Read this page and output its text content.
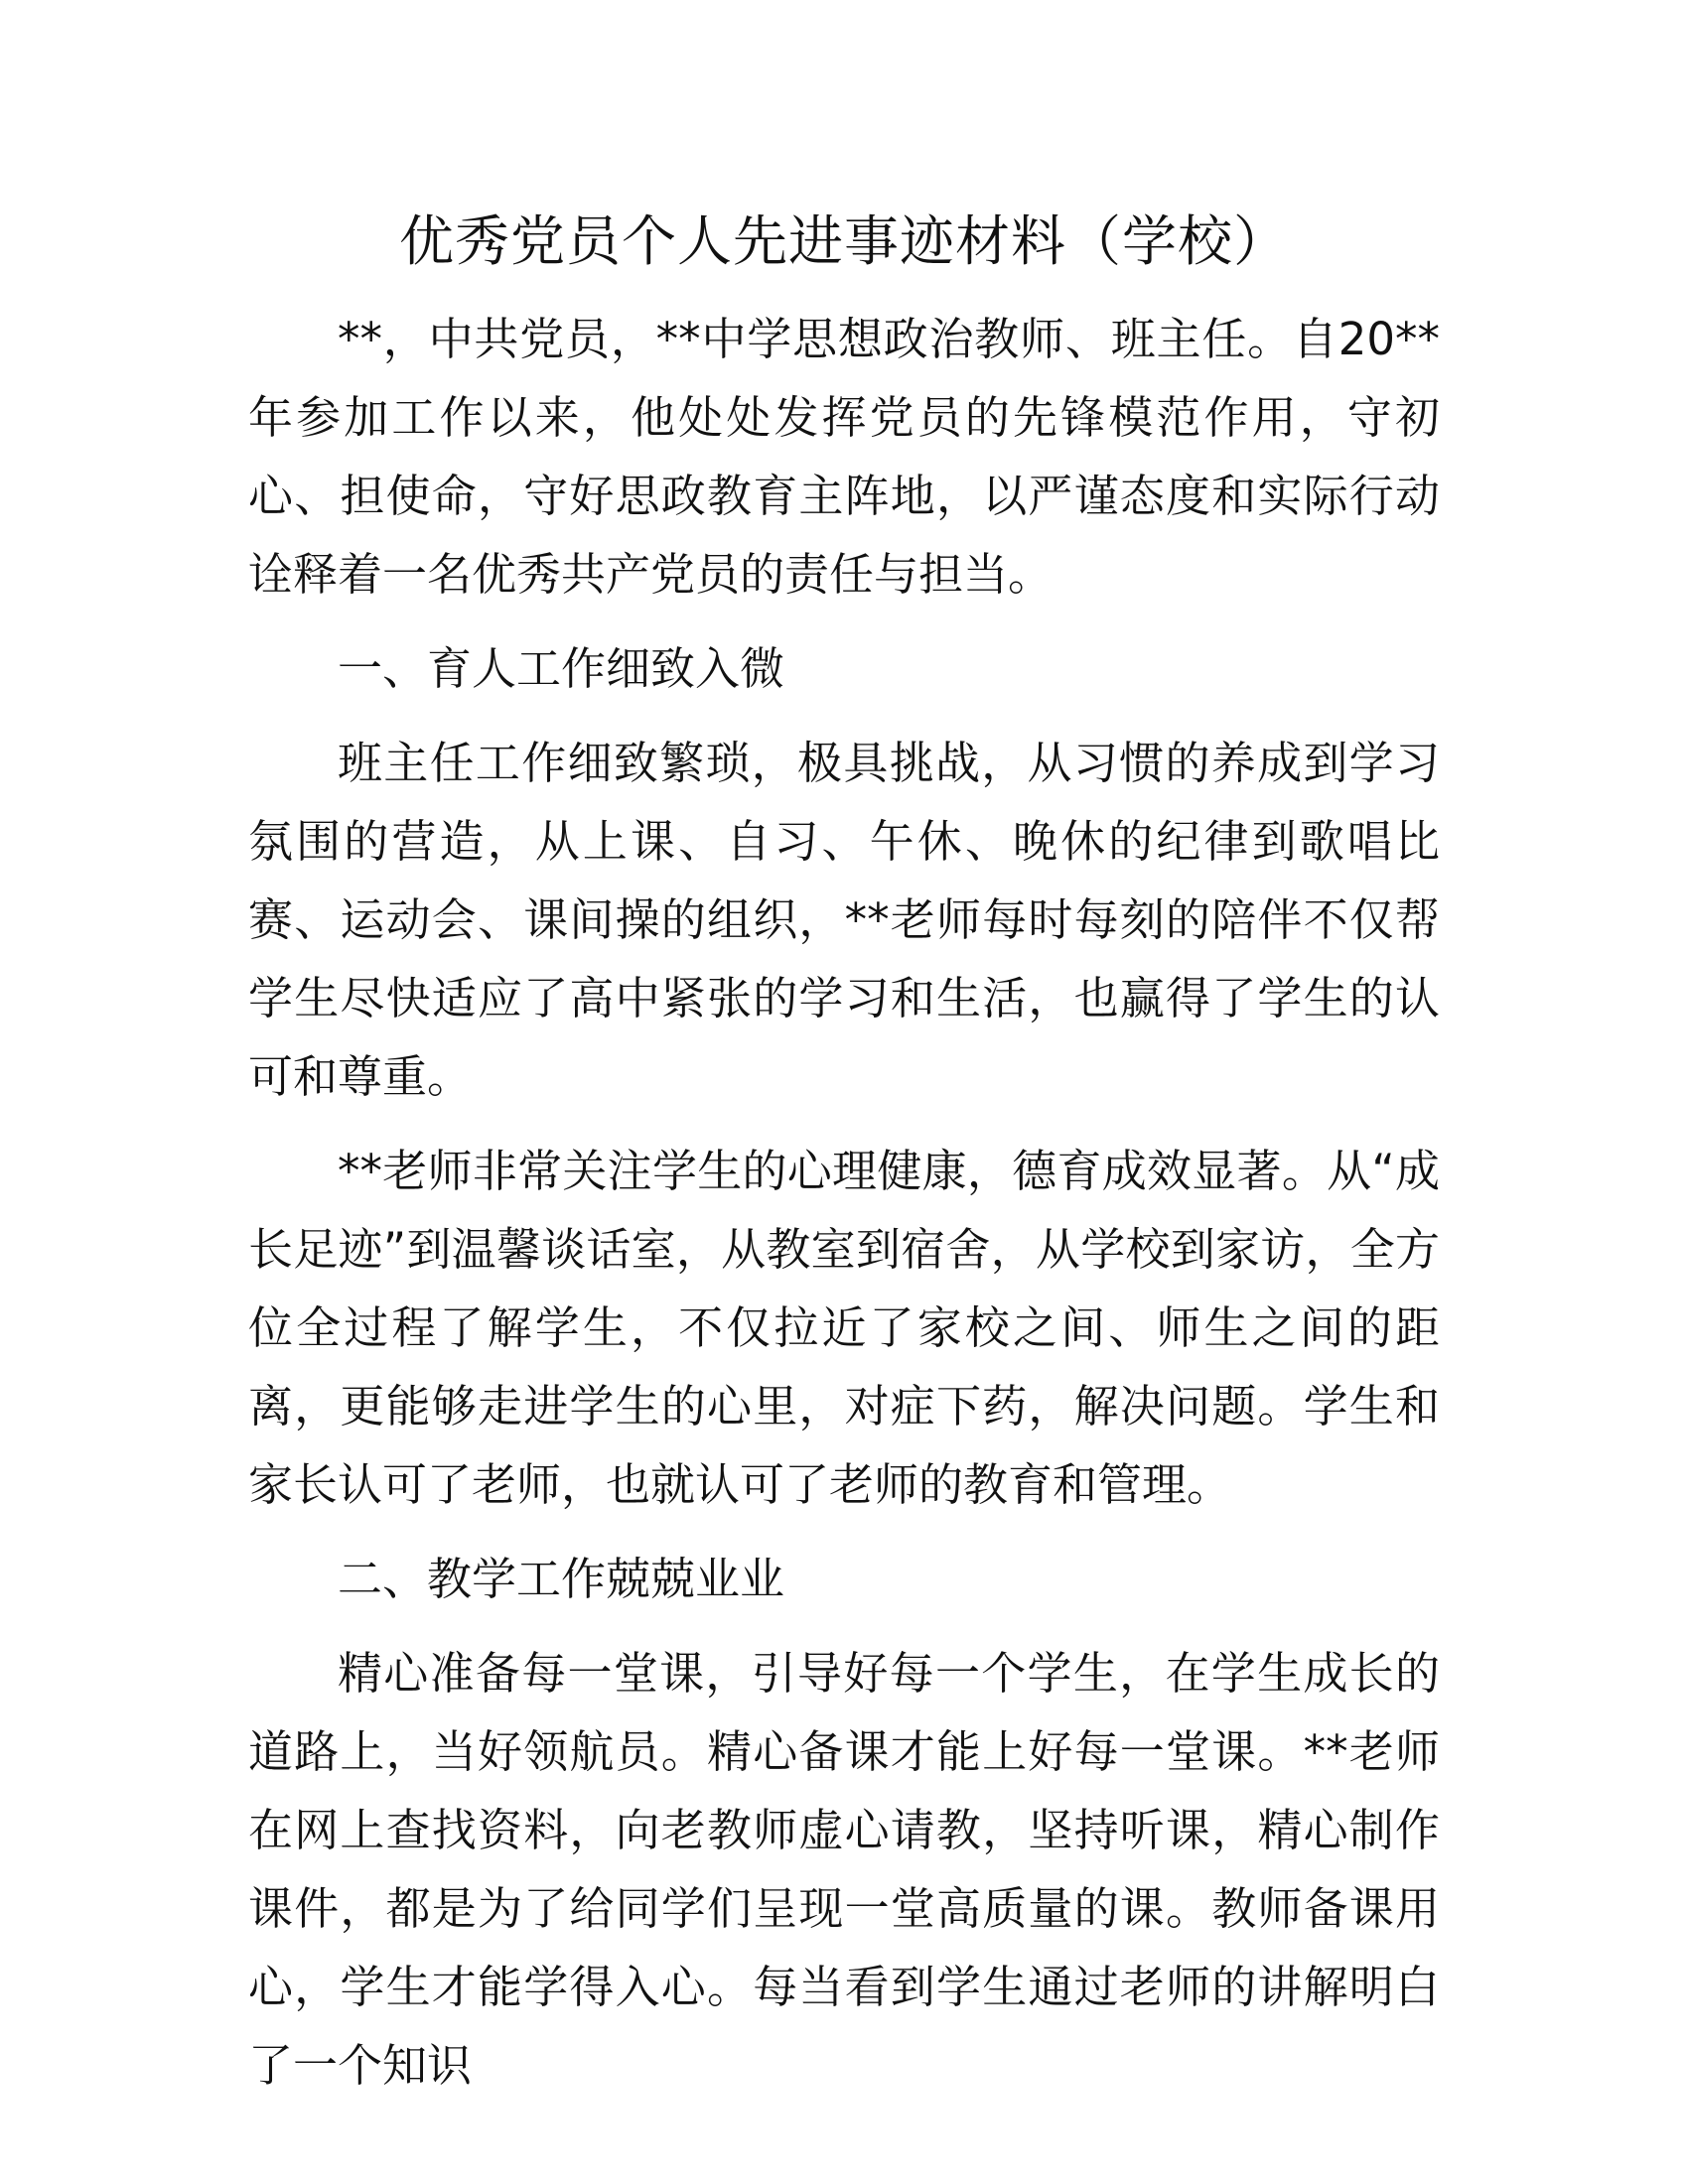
优秀党员个人先进事迹材料（学校）

**，中共党员，**中学思想政治教师、班主任。自20**年参加工作以来，他处处发挥党员的先锋模范作用，守初心、担使命，守好思政教育主阵地，以严谨态度和实际行动诠释着一名优秀共产党员的责任与担当。

一、育人工作细致入微

班主任工作细致繁琐，极具挑战，从习惯的养成到学习氛围的营造，从上课、自习、午休、晚休的纪律到歌唱比赛、运动会、课间操的组织，**老师每时每刻的陪伴不仅帮学生尽快适应了高中紧张的学习和生活，也赢得了学生的认可和尊重。

**老师非常关注学生的心理健康，德育成效显著。从“成长足迹”到温馨谈话室，从教室到宿舍，从学校到家访，全方位全过程了解学生，不仅拉近了家校之间、师生之间的距离，更能够走进学生的心里，对症下药，解决问题。学生和家长认可了老师，也就认可了老师的教育和管理。

二、教学工作兢兢业业

精心准备每一堂课，引导好每一个学生，在学生成长的道路上，当好领航员。精心备课才能上好每一堂课。**老师在网上查找资料，向老教师虚心请教，坚持听课，精心制作课件，都是为了给同学们呈现一堂高质量的课。教师备课用心，学生才能学得入心。每当看到学生通过老师的讲解明白了一个知识
